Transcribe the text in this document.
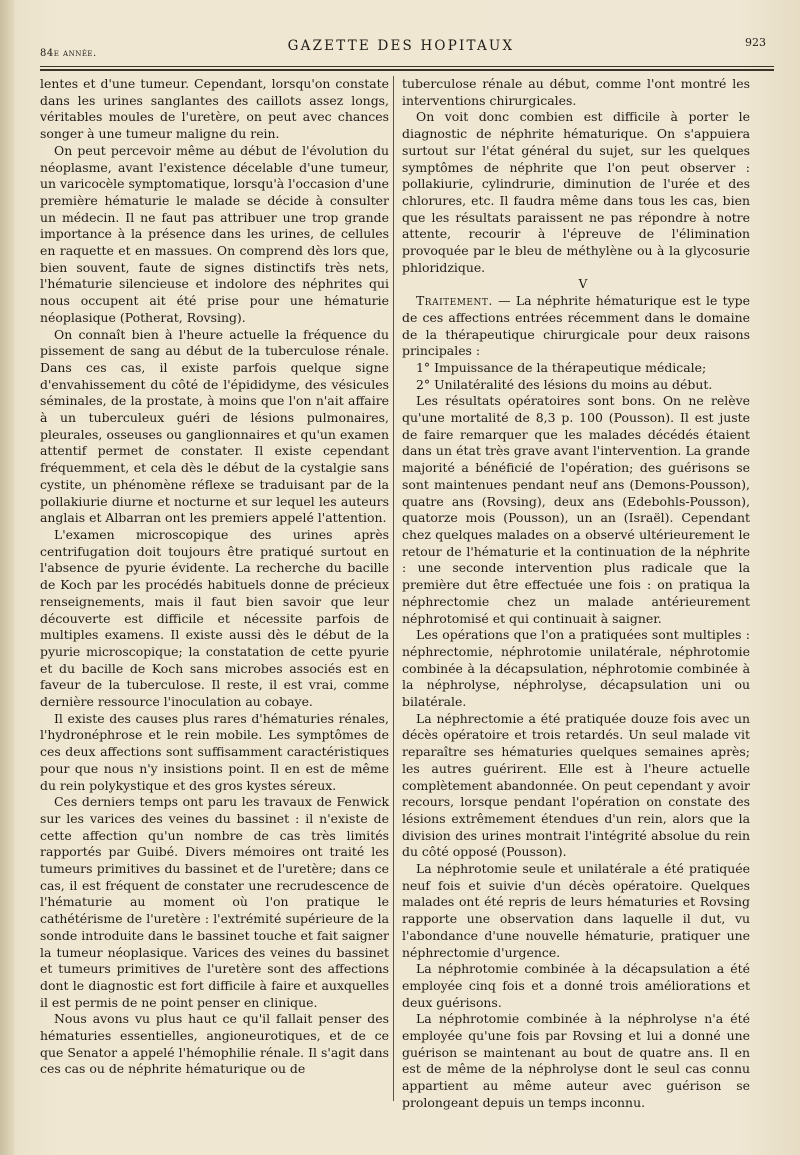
84e année.	GAZETTE DES HOPITAUX	923

lentes et d'une tumeur. Cependant, lorsqu'on constate dans les urines sanglantes des caillots assez longs, véritables moules de l'uretère, on peut avec chances songer à une tumeur maligne du rein.

On peut percevoir même au début de l'évolution du néoplasme, avant l'existence décelable d'une tumeur, un varicocèle symptomatique, lorsqu'à l'occasion d'une première hématurie le malade se décide à consulter un médecin. Il ne faut pas attribuer une trop grande importance à la présence dans les urines, de cellules en raquette et en massues. On comprend dès lors que, bien souvent, faute de signes distinctifs très nets, l'hématurie silencieuse et indolore des néphrites qui nous occupent ait été prise pour une hématurie néoplasique (Potherat, Rovsing).

On connaît bien à l'heure actuelle la fréquence du pissement de sang au début de la tuberculose rénale. Dans ces cas, il existe parfois quelque signe d'envahissement du côté de l'épididyme, des vésicules séminales, de la prostate, à moins que l'on n'ait affaire à un tuberculeux guéri de lésions pulmonaires, pleurales, osseuses ou ganglionnaires et qu'un examen attentif permet de constater. Il existe cependant fréquemment, et cela dès le début de la cystalgie sans cystite, un phénomène réflexe se traduisant par de la pollakiurie diurne et nocturne et sur lequel les auteurs anglais et Albarran ont les premiers appelé l'attention.

L'examen microscopique des urines après centrifugation doit toujours être pratiqué surtout en l'absence de pyurie évidente. La recherche du bacille de Koch par les procédés habituels donne de précieux renseignements, mais il faut bien savoir que leur découverte est difficile et nécessite parfois de multiples examens. Il existe aussi dès le début de la pyurie microscopique; la constatation de cette pyurie et du bacille de Koch sans microbes associés est en faveur de la tuberculose. Il reste, il est vrai, comme dernière ressource l'inoculation au cobaye.

Il existe des causes plus rares d'hématuries rénales, l'hydronéphrose et le rein mobile. Les symptômes de ces deux affections sont suffisamment caractéristiques pour que nous n'y insistions point. Il en est de même du rein polykystique et des gros kystes séreux.

Ces derniers temps ont paru les travaux de Fenwick sur les varices des veines du bassinet : il n'existe de cette affection qu'un nombre de cas très limités rapportés par Guibé. Divers mémoires ont traité les tumeurs primitives du bassinet et de l'uretère; dans ce cas, il est fréquent de constater une recrudescence de l'hématurie au moment où l'on pratique le cathétérisme de l'uretère : l'extrémité supérieure de la sonde introduite dans le bassinet touche et fait saigner la tumeur néoplasique. Varices des veines du bassinet et tumeurs primitives de l'uretère sont des affections dont le diagnostic est fort difficile à faire et auxquelles il est permis de ne point penser en clinique.

Nous avons vu plus haut ce qu'il fallait penser des hématuries essentielles, angioneurotiques, et de ce que Senator a appelé l'hémophilie rénale. Il s'agit dans ces cas ou de néphrite hématurique ou de

tuberculose rénale au début, comme l'ont montré les interventions chirurgicales.

On voit donc combien est difficile à porter le diagnostic de néphrite hématurique. On s'appuiera surtout sur l'état général du sujet, sur les quelques symptômes de néphrite que l'on peut observer : pollakiurie, cylindrurie, diminution de l'urée et des chlorures, etc. Il faudra même dans tous les cas, bien que les résultats paraissent ne pas répondre à notre attente, recourir à l'épreuve de l'élimination provoquée par le bleu de méthylène ou à la glycosurie phloridzique.

V

Traitement. — La néphrite hématurique est le type de ces affections entrées récemment dans le domaine de la thérapeutique chirurgicale pour deux raisons principales :

1° Impuissance de la thérapeutique médicale;

2° Unilatéralité des lésions du moins au début.

Les résultats opératoires sont bons. On ne relève qu'une mortalité de 8,3 p. 100 (Pousson). Il est juste de faire remarquer que les malades décédés étaient dans un état très grave avant l'intervention. La grande majorité a bénéficié de l'opération; des guérisons se sont maintenues pendant neuf ans (Demons-Pousson), quatre ans (Rovsing), deux ans (Edebohls-Pousson), quatorze mois (Pousson), un an (Israël). Cependant chez quelques malades on a observé ultérieurement le retour de l'hématurie et la continuation de la néphrite : une seconde intervention plus radicale que la première dut être effectuée une fois : on pratiqua la néphrectomie chez un malade antérieurement néphrotomisé et qui continuait à saigner.

Les opérations que l'on a pratiquées sont multiples : néphrectomie, néphrotomie unilatérale, néphrotomie combinée à la décapsulation, néphrotomie combinée à la néphrolyse, néphrolyse, décapsulation uni ou bilatérale.

La néphrectomie a été pratiquée douze fois avec un décès opératoire et trois retardés. Un seul malade vit reparaître ses hématuries quelques semaines après; les autres guérirent. Elle est à l'heure actuelle complètement abandonnée. On peut cependant y avoir recours, lorsque pendant l'opération on constate des lésions extrêmement étendues d'un rein, alors que la division des urines montrait l'intégrité absolue du rein du côté opposé (Pousson).

La néphrotomie seule et unilatérale a été pratiquée neuf fois et suivie d'un décès opératoire. Quelques malades ont été repris de leurs hématuries et Rovsing rapporte une observation dans laquelle il dut, vu l'abondance d'une nouvelle hématurie, pratiquer une néphrectomie d'urgence.

La néphrotomie combinée à la décapsulation a été employée cinq fois et a donné trois améliorations et deux guérisons.

La néphrotomie combinée à la néphrolyse n'a été employée qu'une fois par Rovsing et lui a donné une guérison se maintenant au bout de quatre ans. Il en est de même de la néphrolyse dont le seul cas connu appartient au même auteur avec guérison se prolongeant depuis un temps inconnu.
